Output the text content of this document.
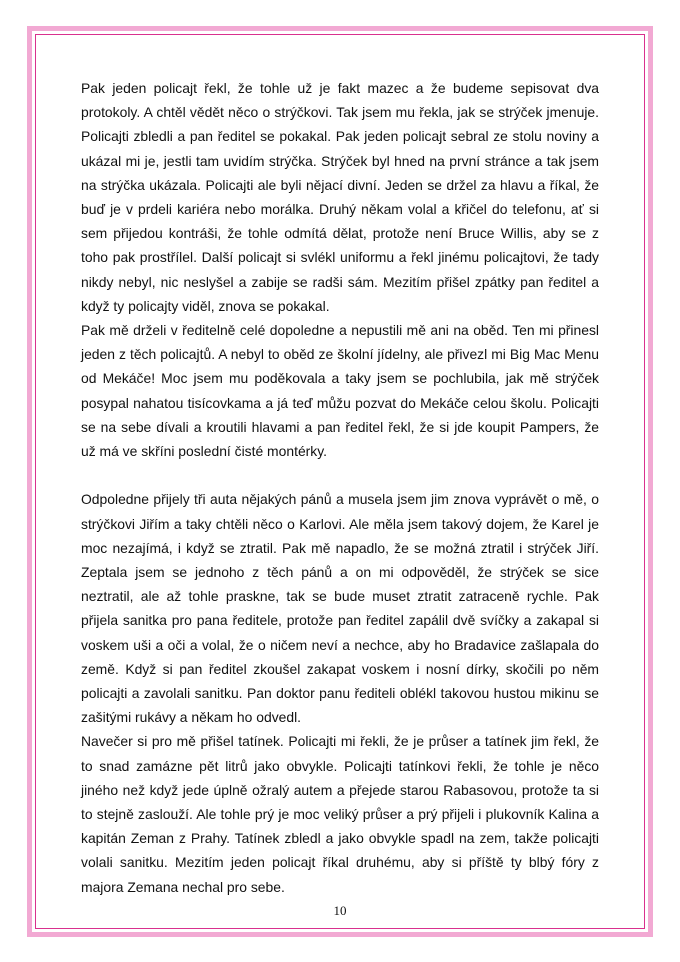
Pak jeden policajt řekl, že tohle už je fakt mazec a že budeme sepisovat dva protokoly. A chtěl vědět něco o strýčkovi. Tak jsem mu řekla, jak se strýček jmenuje. Policajti zbledli a pan ředitel se pokakal. Pak jeden policajt sebral ze stolu noviny a ukázal mi je, jestli tam uvidím strýčka. Strýček byl hned na první stránce a tak jsem na strýčka ukázala. Policajti ale byli nějací divní. Jeden se držel za hlavu a říkal, že buď je v prdeli kariéra nebo morálka. Druhý někam volal a křičel do telefonu, ať si sem přijedou kontráši, že tohle odmítá dělat, protože není Bruce Willis, aby se z toho pak prostřílel. Další policajt si svlékl uniformu a řekl jinému policajtovi, že tady nikdy nebyl, nic neslyšel a zabije se radši sám. Mezitím přišel zpátky pan ředitel a když ty policajty viděl, znova se pokakal.

Pak mě drželi v ředitelně celé dopoledne a nepustili mě ani na oběd. Ten mi přinesl jeden z těch policajtů. A nebyl to oběd ze školní jídelny, ale přivezl mi Big Mac Menu od Mekáče! Moc jsem mu poděkovala a taky jsem se pochlubila, jak mě strýček posypal nahatou tisícovkama a já teď můžu pozvat do Mekáče celou školu. Policajti se na sebe dívali a kroutili hlavami a pan ředitel řekl, že si jde koupit Pampers, že už má ve skříni poslední čisté montérky.

Odpoledne přijely tři auta nějakých pánů a musela jsem jim znova vyprávět o mě, o strýčkovi Jiřím a taky chtěli něco o Karlovi. Ale měla jsem takový dojem, že Karel je moc nezajímá, i když se ztratil. Pak mě napadlo, že se možná ztratil i strýček Jiří. Zeptala jsem se jednoho z těch pánů a on mi odpověděl, že strýček se sice neztratil, ale až tohle praskne, tak se bude muset ztratit zatraceně rychle. Pak přijela sanitka pro pana ředitele, protože pan ředitel zapálil dvě svíčky a zakapal si voskem uši a oči a volal, že o ničem neví a nechce, aby ho Bradavice zašlapala do země. Když si pan ředitel zkoušel zakapat voskem i nosní dírky, skočili po něm policajti a zavolali sanitku. Pan doktor panu řediteli oblékl takovou hustou mikinu se zašitými rukávy a někam ho odvedl.

Navečer si pro mě přišel tatínek. Policajti mi řekli, že je průser a tatínek jim řekl, že to snad zamázne pět litrů jako obvykle. Policajti tatínkovi řekli, že tohle je něco jiného než když jede úplně ožralý autem a přejede starou Rabasovou, protože ta si to stejně zaslouží. Ale tohle prý je moc veliký průser a prý přijeli i plukovník Kalina a kapitán Zeman z Prahy. Tatínek zbledl a jako obvykle spadl na zem, takže policajti volali sanitku. Mezitím jeden policajt říkal druhému, aby si příště ty blbý fóry z majora Zemana nechal pro sebe.

10
